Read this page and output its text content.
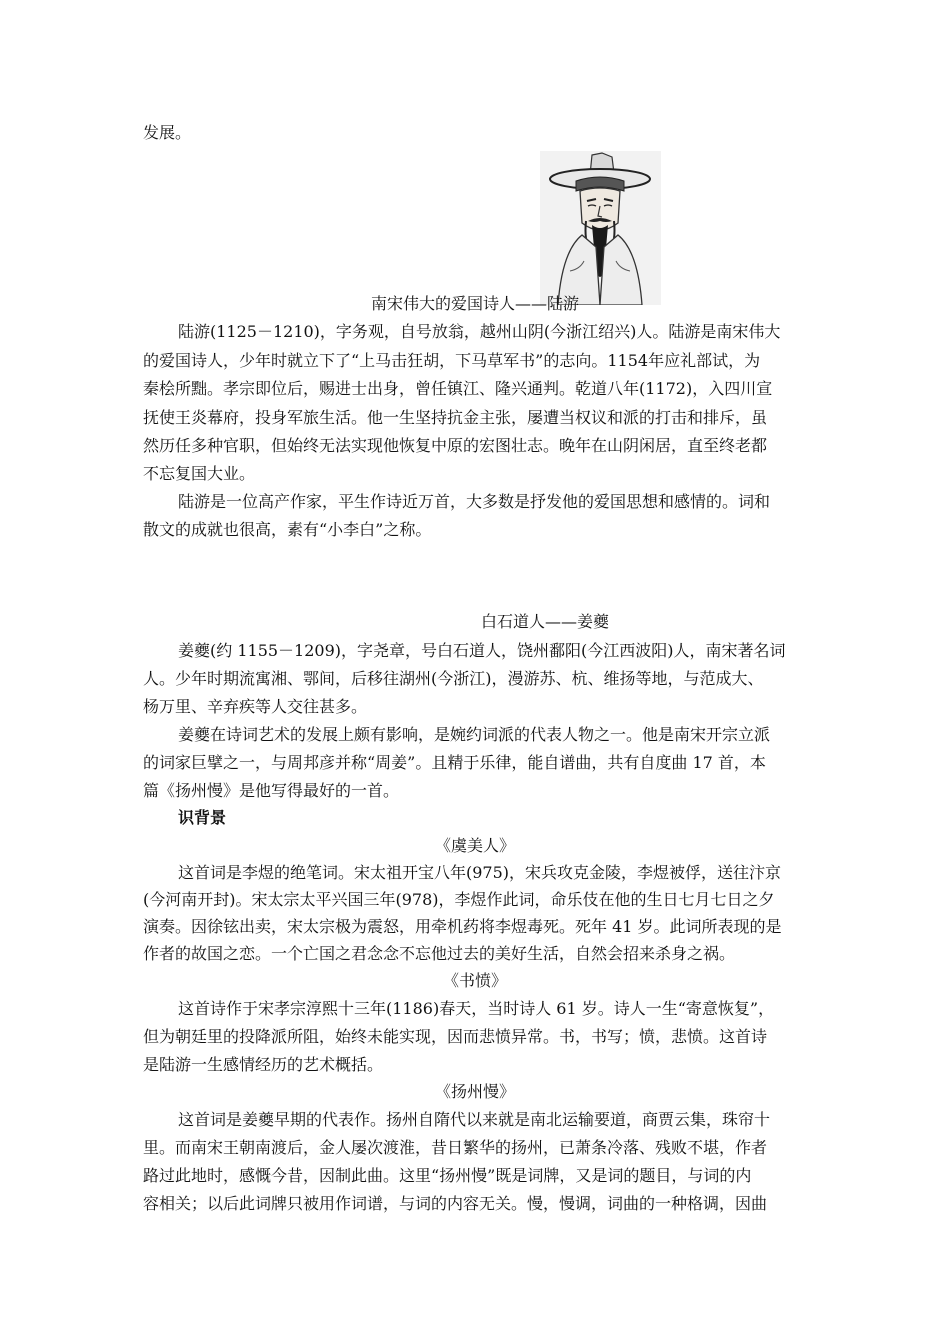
发展。
南宋伟大的爱国诗人——陆游
陆游(1125－1210)，字务观，自号放翁，越州山阴(今浙江绍兴)人。陆游是南宋伟大
的爱国诗人，少年时就立下了“上马击狂胡，下马草军书”的志向。1154年应礼部试，为
秦桧所黜。孝宗即位后，赐进士出身，曾任镇江、隆兴通判。乾道八年(1172)，入四川宣
抚使王炎幕府，投身军旅生活。他一生坚持抗金主张，屡遭当权议和派的打击和排斥，虽
然历任多种官职，但始终无法实现他恢复中原的宏图壮志。晚年在山阴闲居，直至终老都
不忘复国大业。
陆游是一位高产作家，平生作诗近万首，大多数是抒发他的爱国思想和感情的。词和
散文的成就也很高，素有“小李白”之称。
白石道人——姜夔
姜夔(约 1155－1209)，字尧章，号白石道人，饶州鄱阳(今江西波阳)人，南宋著名词
人。少年时期流寓湘、鄂间，后移往湖州(今浙江)，漫游苏、杭、维扬等地，与范成大、
杨万里、辛弃疾等人交往甚多。
姜夔在诗词艺术的发展上颇有影响，是婉约词派的代表人物之一。他是南宋开宗立派
的词家巨擘之一，与周邦彦并称“周姜”。且精于乐律，能自谱曲，共有自度曲 17 首，本
篇《扬州慢》是他写得最好的一首。
识背景
《虞美人》
这首词是李煜的绝笔词。宋太祖开宝八年(975)，宋兵攻克金陵，李煜被俘，送往汴京
(今河南开封)。宋太宗太平兴国三年(978)，李煜作此词，命乐伎在他的生日七月七日之夕
演奏。因徐铉出卖，宋太宗极为震怒，用牵机药将李煜毒死。死年 41 岁。此词所表现的是
作者的故国之恋。一个亡国之君念念不忘他过去的美好生活，自然会招来杀身之祸。
《书愤》
这首诗作于宋孝宗淳熙十三年(1186)春天，当时诗人 61 岁。诗人一生“寄意恢复”，
但为朝廷里的投降派所阻，始终未能实现，因而悲愤异常。书，书写；愤，悲愤。这首诗
是陆游一生感情经历的艺术概括。
《扬州慢》
这首词是姜夔早期的代表作。扬州自隋代以来就是南北运输要道，商贾云集，珠帘十
里。而南宋王朝南渡后，金人屡次渡淮，昔日繁华的扬州，已萧条冷落、残败不堪，作者
路过此地时，感慨今昔，因制此曲。这里“扬州慢”既是词牌，又是词的题目，与词的内
容相关；以后此词牌只被用作词谱，与词的内容无关。慢，慢调，词曲的一种格调，因曲
